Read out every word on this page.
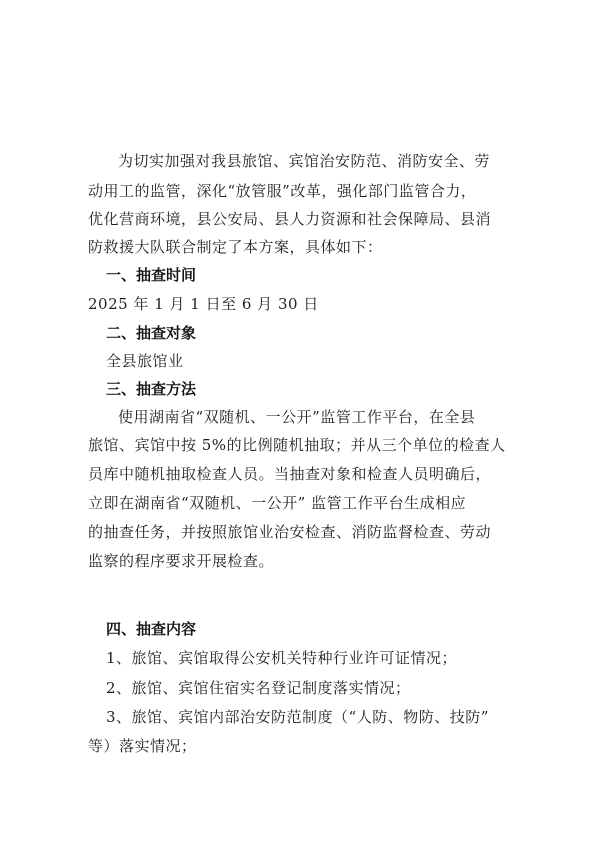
为切实加强对我县旅馆、宾馆治安防范、消防安全、劳
动用工的监管，深化“放管服”改革，强化部门监管合力，
优化营商环境，县公安局、县人力资源和社会保障局、县消
防救援大队联合制定了本方案，具体如下：
一、抽查时间
2025 年 1 月 1 日至 6 月 30 日
二、抽查对象
全县旅馆业
三、抽查方法
使用湖南省“双随机、一公开”监管工作平台，在全县
旅馆、宾馆中按 5%的比例随机抽取；并从三个单位的检查人
员库中随机抽取检查人员。当抽查对象和检查人员明确后，
立即在湖南省“双随机、一公开” 监管工作平台生成相应
的抽查任务，并按照旅馆业治安检查、消防监督检查、劳动
监察的程序要求开展检查。
四、抽查内容
1、旅馆、宾馆取得公安机关特种行业许可证情况；
2、旅馆、宾馆住宿实名登记制度落实情况；
3、旅馆、宾馆内部治安防范制度（“人防、物防、技防”
等）落实情况；
